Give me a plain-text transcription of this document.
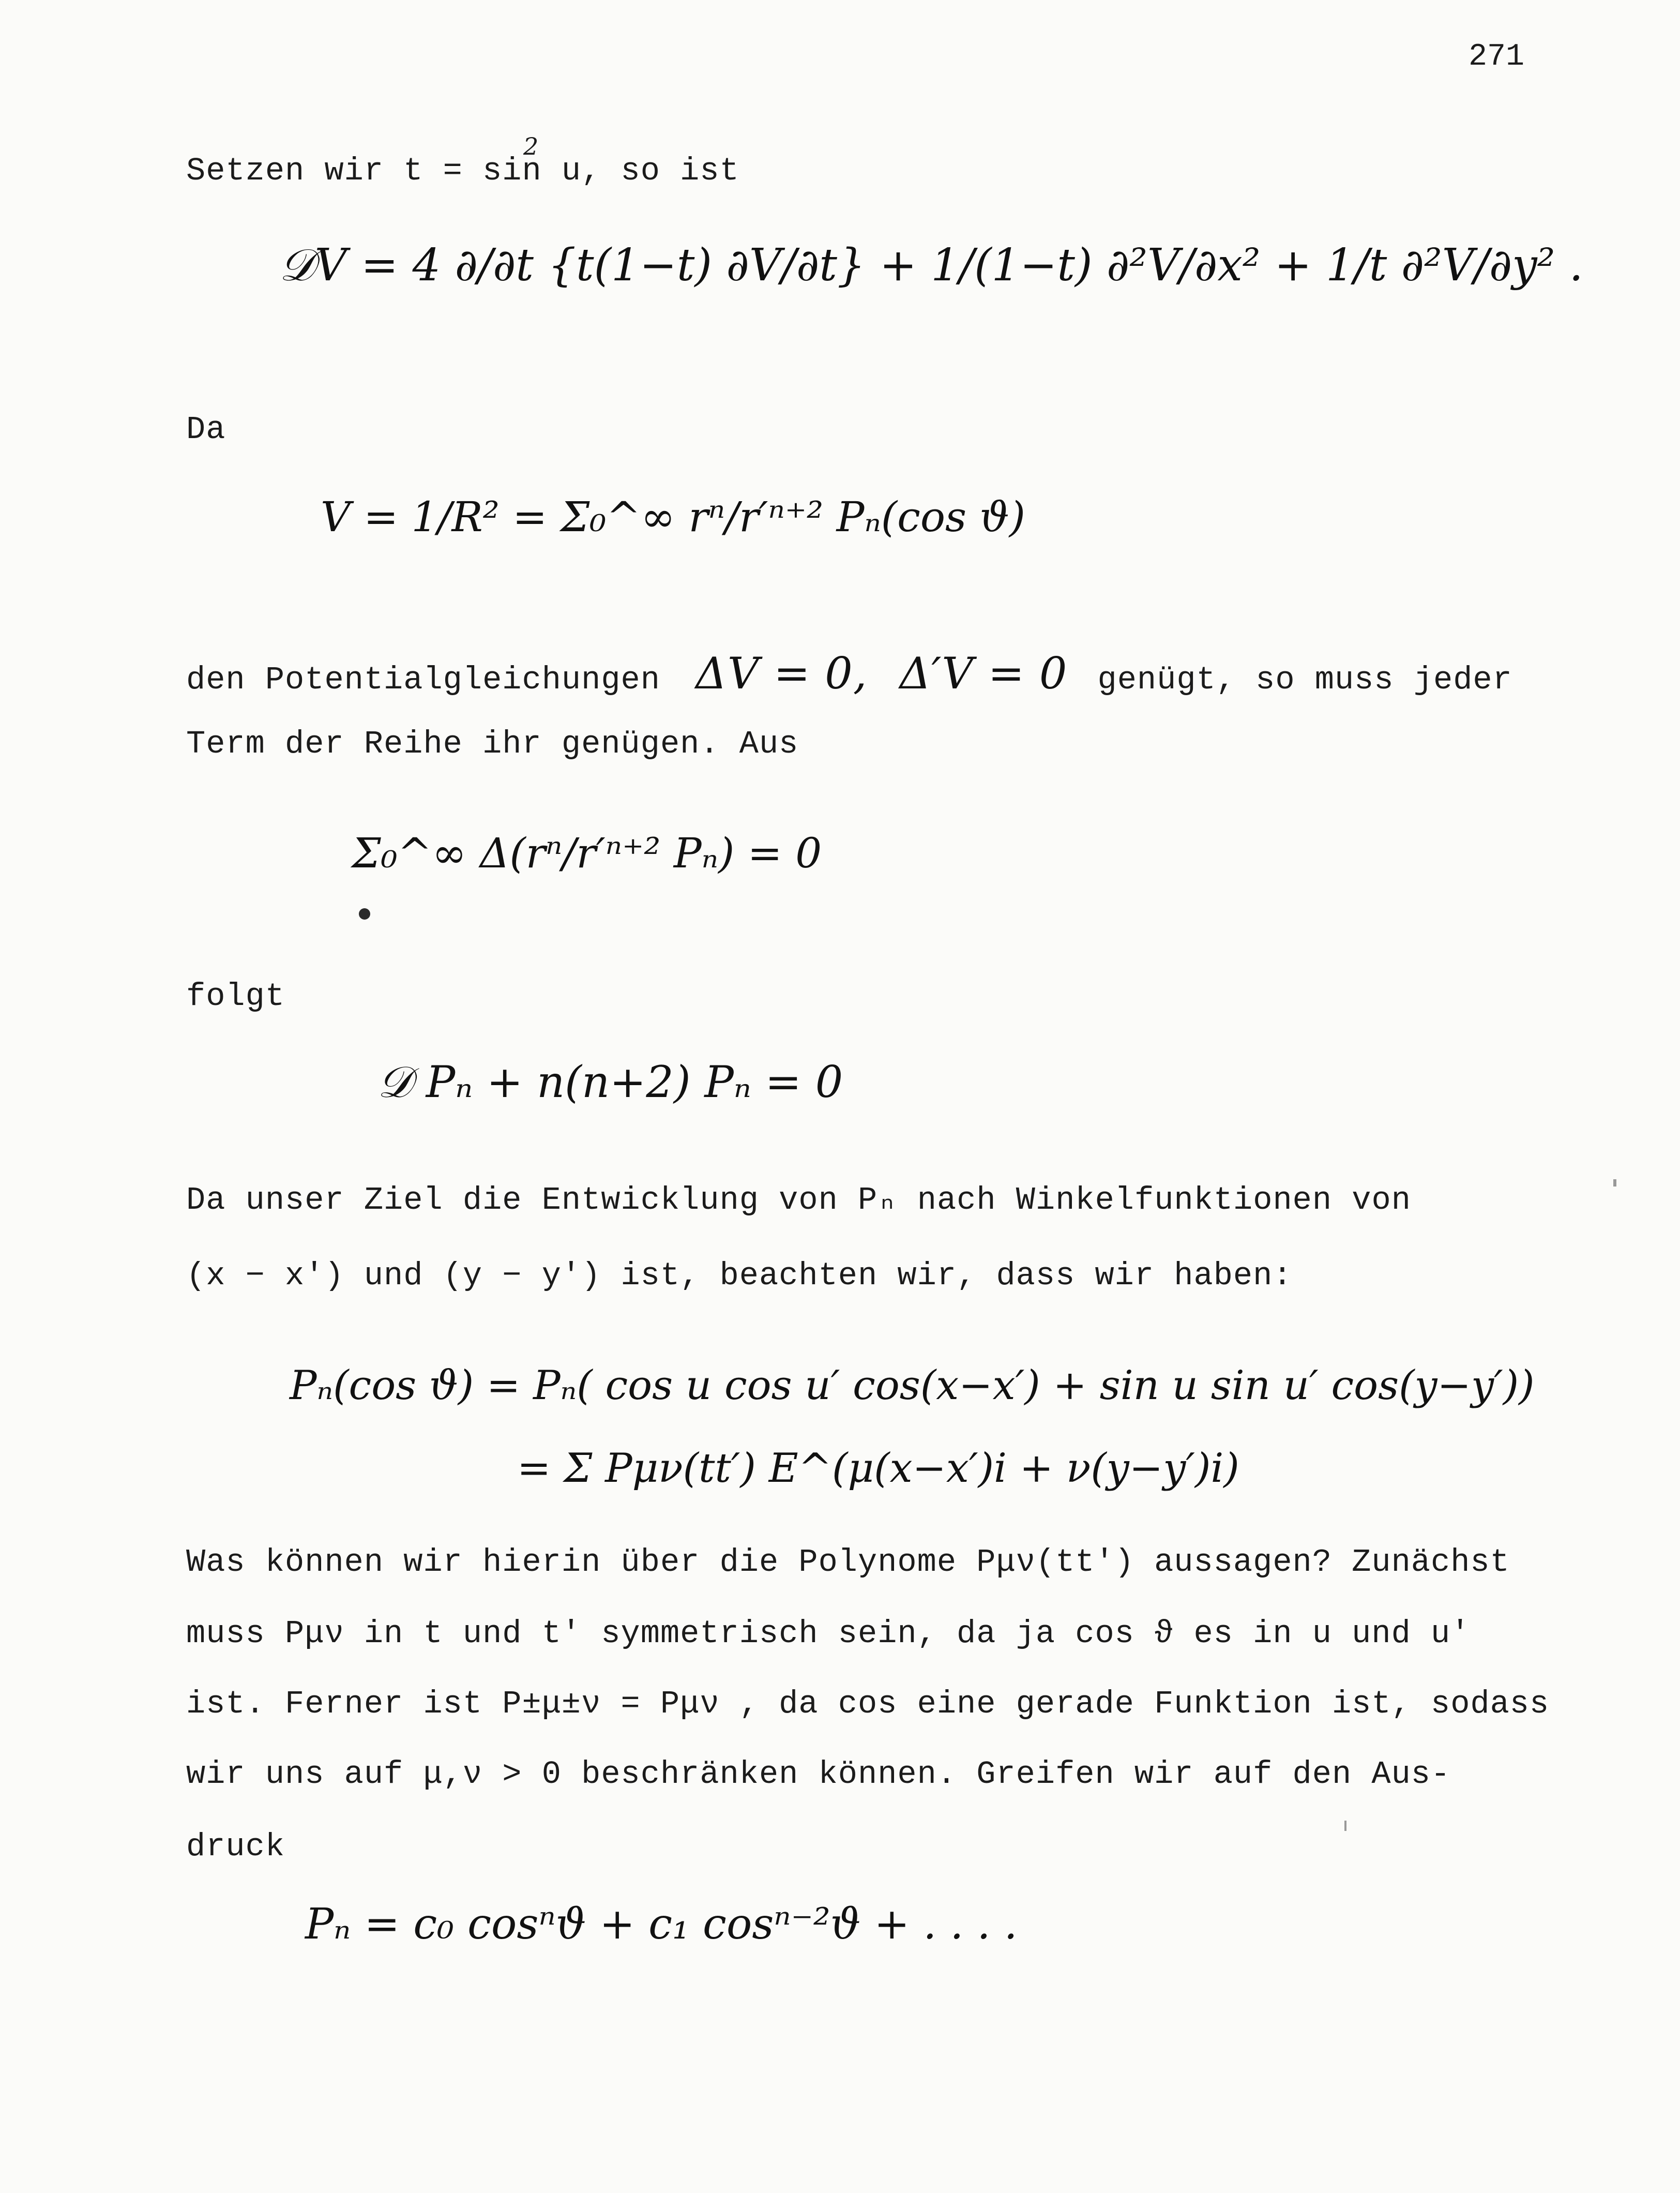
271
Setzen wir t = sin u, so ist
2
𝒟V = 4 ∂/∂t {t(1−t) ∂V/∂t} + 1/(1−t) ∂²V/∂x² + 1/t ∂²V/∂y² .
Da
V = 1/R² = Σ₀^∞ rⁿ/r′ⁿ⁺² Pₙ(cos ϑ)
den Potentialgleichungen ΔV = 0, Δ′V = 0 genügt, so muss jeder
Term der Reihe ihr genügen. Aus
Σ₀^∞ Δ(rⁿ/r′ⁿ⁺² Pₙ) = 0
folgt
𝒟 Pₙ + n(n+2) Pₙ = 0
Da unser Ziel die Entwicklung von Pₙ nach Winkelfunktionen von
(x − x') und (y − y') ist, beachten wir, dass wir haben:
Pₙ(cos ϑ) = Pₙ( cos u cos u′ cos(x−x′) + sin u sin u′ cos(y−y′))
= Σ Pμν(tt′) E^(μ(x−x′)i + ν(y−y′)i)
Was können wir hierin über die Polynome Pμν(tt′) aussagen? Zunächst
muss Pμν in t und t' symmetrisch sein, da ja cos ϑ es in u und u'
ist. Ferner ist P±μ±ν = Pμν , da cos eine gerade Funktion ist, sodass
wir uns auf μ,ν > 0 beschränken können. Greifen wir auf den Aus-
druck
Pₙ = c₀ cosⁿϑ + c₁ cosⁿ⁻²ϑ + . . . .
